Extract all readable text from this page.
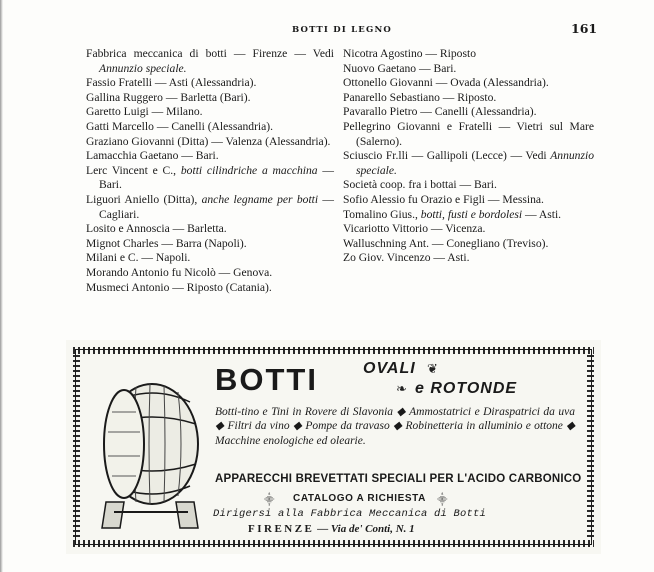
BOTTI DI LEGNO	161
Fabbrica meccanica di botti — Firenze — Vedi Annunzio speciale.
Fassio Fratelli — Asti (Alessandria).
Gallina Ruggero — Barletta (Bari).
Garetto Luigi — Milano.
Gatti Marcello — Canelli (Alessandria).
Graziano Giovanni (Ditta) — Valenza (Alessandria).
Lamacchia Gaetano — Bari.
Lerc Vincent e C., botti cilindriche a macchina — Bari.
Liguori Aniello (Ditta), anche legname per botti — Cagliari.
Losito e Annoscia — Barletta.
Mignot Charles — Barra (Napoli).
Milani e C. — Napoli.
Morando Antonio fu Nicolò — Genova.
Musmeci Antonio — Riposto (Catania).
Nicotra Agostino — Riposto
Nuovo Gaetano — Bari.
Ottonello Giovanni — Ovada (Alessandria).
Panarello Sebastiano — Riposto.
Pavarallo Pietro — Canelli (Alessandria).
Pellegrino Giovanni e Fratelli — Vietri sul Mare (Salerno).
Sciuscio Fr.lli — Gallipoli (Lecce) — Vedi Annunzio speciale.
Società coop. fra i bottai — Bari.
Sofio Alessio fu Orazio e Figli — Messina.
Tomalino Gius., botti, fusti e bordolesi — Asti.
Vicariotto Vittorio — Vicenza.
Walluschning Ant. — Conegliano (Treviso).
Zo Giov. Vincenzo — Asti.
BOTTI	OVALI ❦
❧ e ROTONDE
Botti-tino e Tini in Rovere di Slavonia ◆ Ammostatrici e Diraspatrici da uva ◆ Filtri da vino ◆ Pompe da travaso ◆ Robinetteria in alluminio e ottone ◆ Macchine enologiche ed olearie.
APPARECCHI BREVETTATI SPECIALI PER L'ACIDO CARBONICO
⸎ CATALOGO A RICHIESTA ⸎
Dirigersi alla Fabbrica Meccanica di Botti
FIRENZE — Via de' Conti, N. 1
